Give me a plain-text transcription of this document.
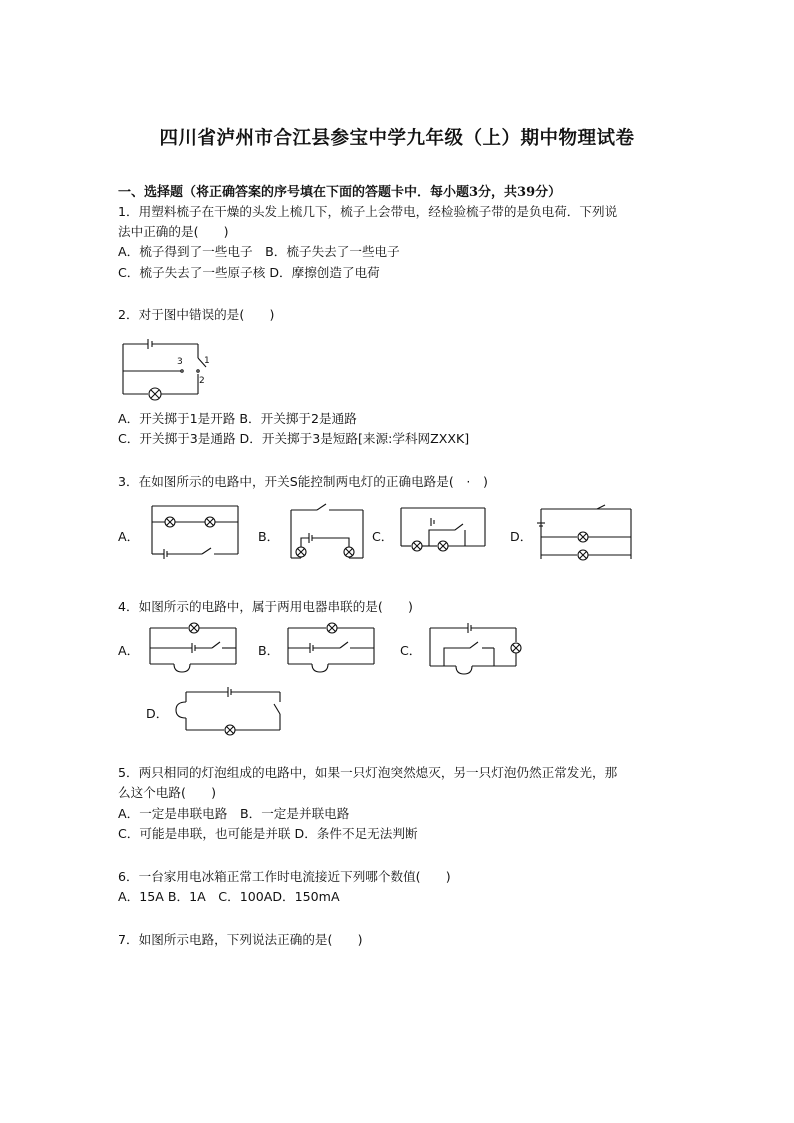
四川省泸州市合江县参宝中学九年级（上）期中物理试卷
一、选择题（将正确答案的序号填在下面的答题卡中．每小题3分，共39分）
1．用塑料梳子在干燥的头发上梳几下，梳子上会带电，经检验梳子带的是负电荷．下列说
法中正确的是(　　)
A．梳子得到了一些电子　B．梳子失去了一些电子
C．梳子失去了一些原子核 D．摩擦创造了电荷
2．对于图中错误的是(　　)
3 1
2
A．开关掷于1是开路 B．开关掷于2是通路
C．开关掷于3是通路 D．开关掷于3是短路[来源:学科网ZXXK]
3．在如图所示的电路中，开关S能控制两电灯的正确电路是(　·　)
A．	B．	C．	D．
4．如图所示的电路中，属于两用电器串联的是(　　)
A．	B．	C．
D．
5．两只相同的灯泡组成的电路中，如果一只灯泡突然熄灭，另一只灯泡仍然正常发光，那
么这个电路(　　)
A．一定是串联电路　B．一定是并联电路
C．可能是串联，也可能是并联 D．条件不足无法判断
6．一台家用电冰箱正常工作时电流接近下列哪个数值(　　)
A．15A B．1A　C．100AD．150mA
7．如图所示电路，下列说法正确的是(　　)
